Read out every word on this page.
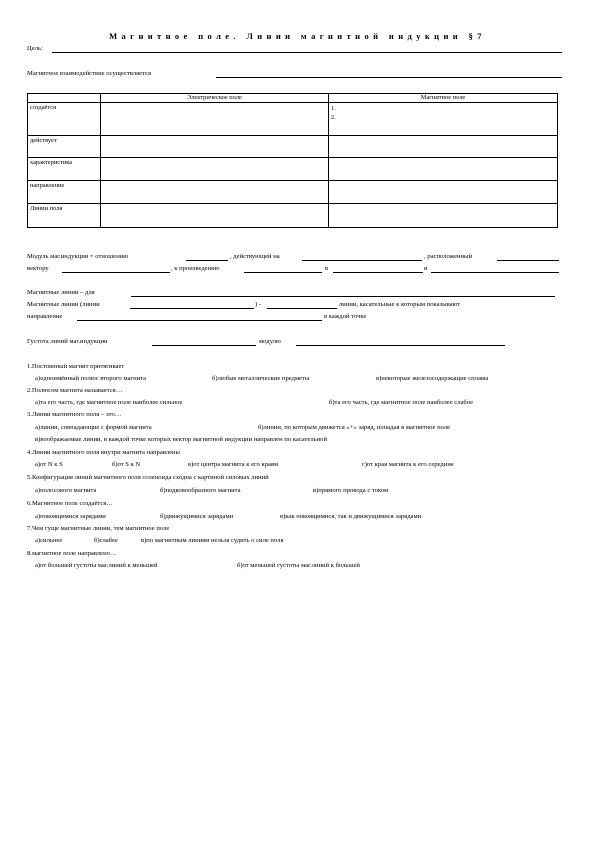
Магнитное поле. Линии магнитной индукции §7
Цель:
Магнитное взаимодействие осуществляется
	Электрическое поле	Магнитное поле
создаётся		1.
2.

действует		
характеристика		
направление		
Линии поля		
Модуль маг.индукции = отношению	, действующей на	, расположенный
вектору	, к произведению	в	и
Магнитные линии – для
Магнитные линии (линии	) -	линии, касательные к которым показывают
направление	в каждой точке
Густота линий маг.индукции	модулю
1.Постоянный магнит притягивает
а)одноимённый полюс второго магнита	б)любые металлические предметы	в)некоторые железосодержащие сплавы
2.Полюсом магнита называется…
а)та его часть, где магнитное поле наиболее сильное	б)та его часть, где магнитное поле наиболее слабое
3.Линии магнитного поля – это…
а)линии, совпадающие с формой магнита	б)линии, по которым движется «+» заряд, попадая в магнитное поле
в)воображаемые линии, в каждой точке которых вектор магнитной индукции направлен по касательной
4.Линии магнитного поля внутри магнита направлены
а)от N к S	б)от S к N	в)от центра магнита к его краям	г)от края магнита к его середине
5.Конфигурация линий магнитного поля соленоида сходна с картиной силовых линий
а)полосового магнита	б)подковообразного магнита	в)прямого провода с током
6.Магнитное поле создаётся…
а)покоящимися зарядами	б)движущимися зарядами	в)как покоящимися, так и движущимися зарядами
7.Чем гуще магнитные линии, тем магнитное поле
а)сильнее	б)слабее	в)по магнитным линиям нельзя судить о силе поля
8.магнитное поле направлено…
а)от большей густоты маг.линий к меньшей	б)от меньшей густоты маг.линий к большей
